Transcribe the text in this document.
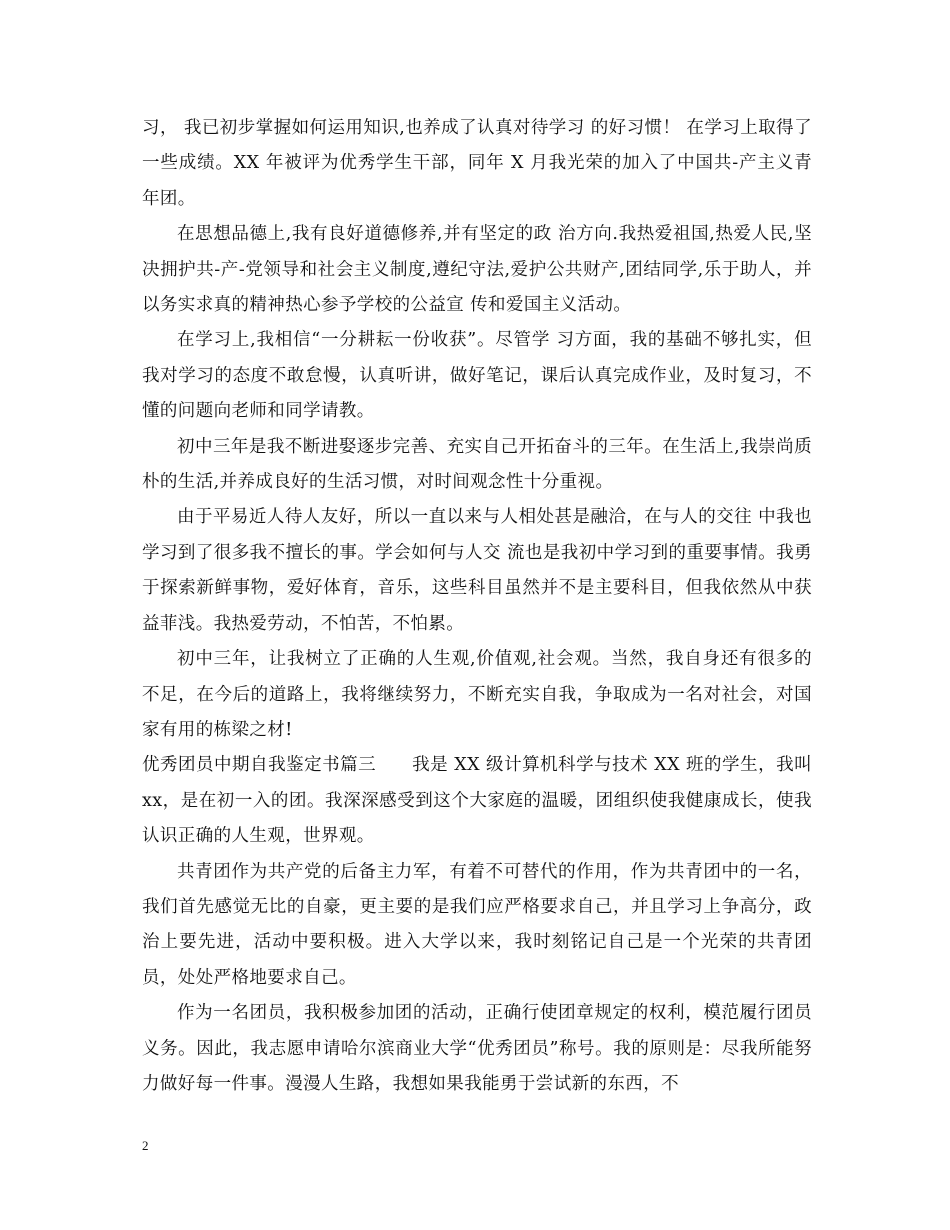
习， 我已初步掌握如何运用知识,也养成了认真对待学习 的好习惯！ 在学习上取得了一些成绩。XX 年被评为优秀学生干部，同年 X 月我光荣的加入了中国共-产主义青年团。

在思想品德上,我有良好道德修养,并有坚定的政 治方向.我热爱祖国,热爱人民,坚决拥护共-产-党领导和社会主义制度,遵纪守法,爱护公共财产,团结同学,乐于助人，并以务实求真的精神热心参予学校的公益宣 传和爱国主义活动。

在学习上,我相信“一分耕耘一份收获”。尽管学 习方面，我的基础不够扎实，但我对学习的态度不敢怠慢，认真听讲，做好笔记，课后认真完成作业，及时复习，不懂的问题向老师和同学请教。

初中三年是我不断进娶逐步完善、充实自己开拓奋斗的三年。在生活上,我崇尚质朴的生活,并养成良好的生活习惯，对时间观念性十分重视。

由于平易近人待人友好，所以一直以来与人相处甚是融洽，在与人的交往 中我也学习到了很多我不擅长的事。学会如何与人交 流也是我初中学习到的重要事情。我勇于探索新鲜事物，爱好体育，音乐，这些科目虽然并不是主要科目，但我依然从中获益菲浅。我热爱劳动，不怕苦，不怕累。

初中三年，让我树立了正确的人生观,价值观,社会观。当然，我自身还有很多的不足，在今后的道路上，我将继续努力，不断充实自我，争取成为一名对社会，对国家有用的栋梁之材!

优秀团员中期自我鉴定书篇三　　我是 XX 级计算机科学与技术 XX 班的学生，我叫 xx，是在初一入的团。我深深感受到这个大家庭的温暖，团组织使我健康成长，使我认识正确的人生观，世界观。

共青团作为共产党的后备主力军，有着不可替代的作用，作为共青团中的一名，我们首先感觉无比的自豪，更主要的是我们应严格要求自己，并且学习上争高分，政治上要先进，活动中要积极。进入大学以来，我时刻铭记自己是一个光荣的共青团员，处处严格地要求自己。

作为一名团员，我积极参加团的活动，正确行使团章规定的权利，模范履行团员义务。因此，我志愿申请哈尔滨商业大学“优秀团员”称号。我的原则是：尽我所能努力做好每一件事。漫漫人生路，我想如果我能勇于尝试新的东西，不

2
